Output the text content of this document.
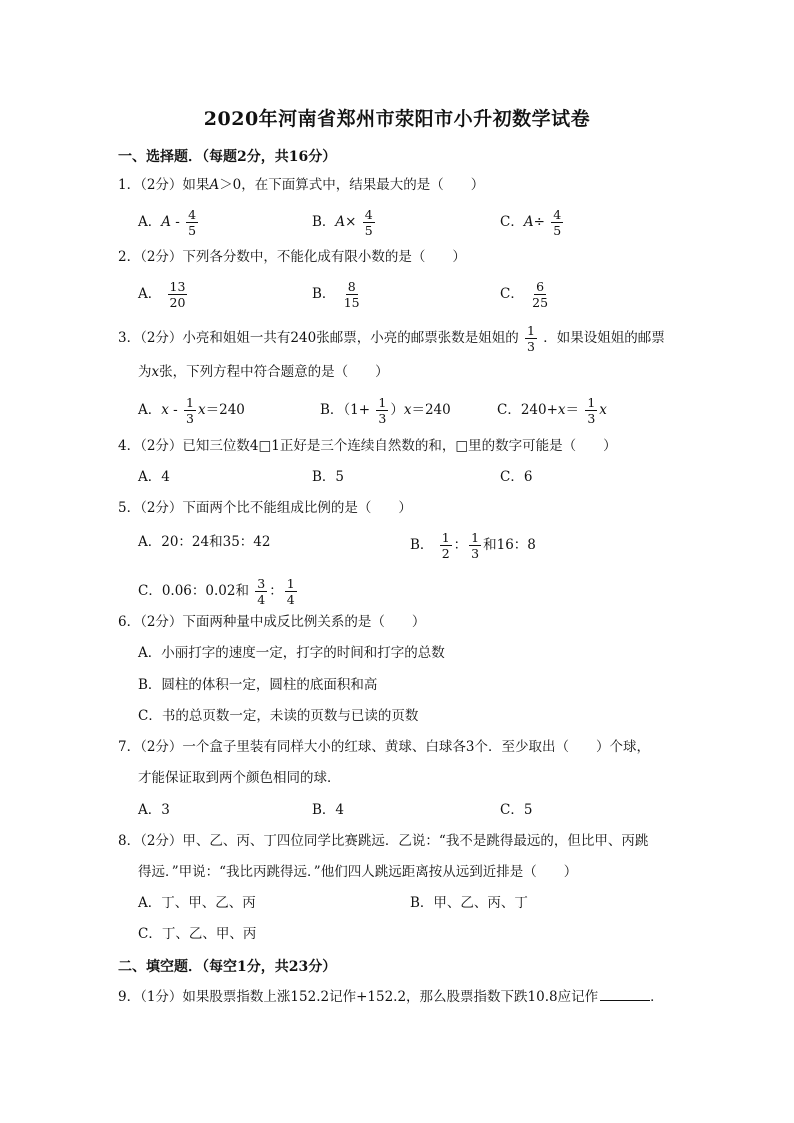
2020年河南省郑州市荥阳市小升初数学试卷
一、选择题．（每题2分，共16分）
1．（2分）如果A＞0，在下面算式中，结果最大的是（　　）
A．A - $\frac{4}{5}$	B．$A\times \frac{4}{5}$	C．$A\div \frac{4}{5}$
2．（2分）下列各分数中，不能化成有限小数的是（　　）
A． $\frac{13}{20}$	B． $\frac{8}{15}$	C． $\frac{6}{25}$
3．（2分）小亮和姐姐一共有240张邮票，小亮的邮票张数是姐姐的 $\frac{1}{3}$ ．如果设姐姐的邮票
为x张，下列方程中符合题意的是（　　）
A．$x - \frac{1}{3} x=240$	B．$(1+ \frac{1}{3} )x=240$	C．$240+x= \frac{1}{3}$ x
4．（2分）已知三位数4□1正好是三个连续自然数的和，□里的数字可能是（　　）
A．4	B．5	C．6
5．（2分）下面两个比不能组成比例的是（　　）
A．20：24和35：42	B． $\frac{1}{2}$ ： $\frac{1}{3}$ 和16：8
C．0.06：0.02和 $\frac{3}{4}$ ： $\frac{1}{4}$
6．（2分）下面两种量中成反比例关系的是（　　）
A．小丽打字的速度一定，打字的时间和打字的总数
B．圆柱的体积一定，圆柱的底面积和高
C．书的总页数一定，未读的页数与已读的页数
7．（2分）一个盒子里装有同样大小的红球、黄球、白球各3个．至少取出（　　）个球，
才能保证取到两个颜色相同的球．
A．3	B．4	C．5
8．（2分）甲、乙、丙、丁四位同学比赛跳远．乙说：“我不是跳得最远的，但比甲、丙跳
得远．”甲说：“我比丙跳得远．”他们四人跳远距离按从远到近排是（　　）
A．丁、甲、乙、丙	B．甲、乙、丙、丁
C．丁、乙、甲、丙
二、填空题．（每空1分，共23分）
9．（1分）如果股票指数上涨152.2记作+152.2，那么股票指数下跌10.8应记作	．
